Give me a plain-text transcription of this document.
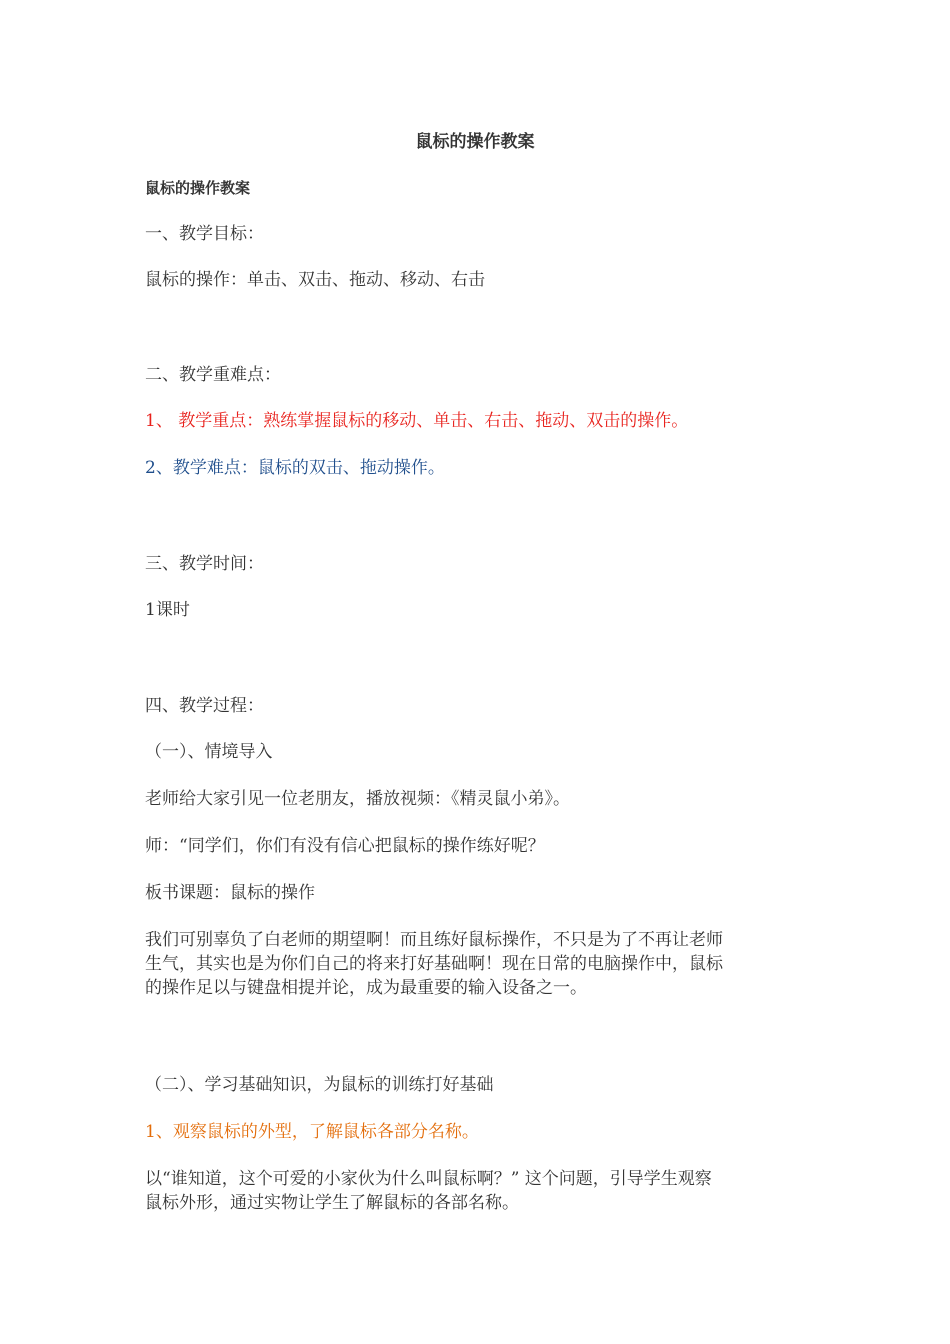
鼠标的操作教案
鼠标的操作教案
一、教学目标：
鼠标的操作：单击、双击、拖动、移动、右击
二、教学重难点：
1、 教学重点：熟练掌握鼠标的移动、单击、右击、拖动、双击的操作。
2、教学难点：鼠标的双击、拖动操作。
三、教学时间：
1课时
四、教学过程：
（一）、情境导入
老师给大家引见一位老朋友，播放视频：《精灵鼠小弟》。
师：“同学们，你们有没有信心把鼠标的操作练好呢？
板书课题：鼠标的操作
我们可别辜负了白老师的期望啊！而且练好鼠标操作，不只是为了不再让老师
生气，其实也是为你们自己的将来打好基础啊！现在日常的电脑操作中，鼠标
的操作足以与键盘相提并论，成为最重要的输入设备之一。
（二）、学习基础知识，为鼠标的训练打好基础
1、观察鼠标的外型，了解鼠标各部分名称。
以“谁知道，这个可爱的小家伙为什么叫鼠标啊？” 这个问题，引导学生观察
鼠标外形，通过实物让学生了解鼠标的各部名称。
